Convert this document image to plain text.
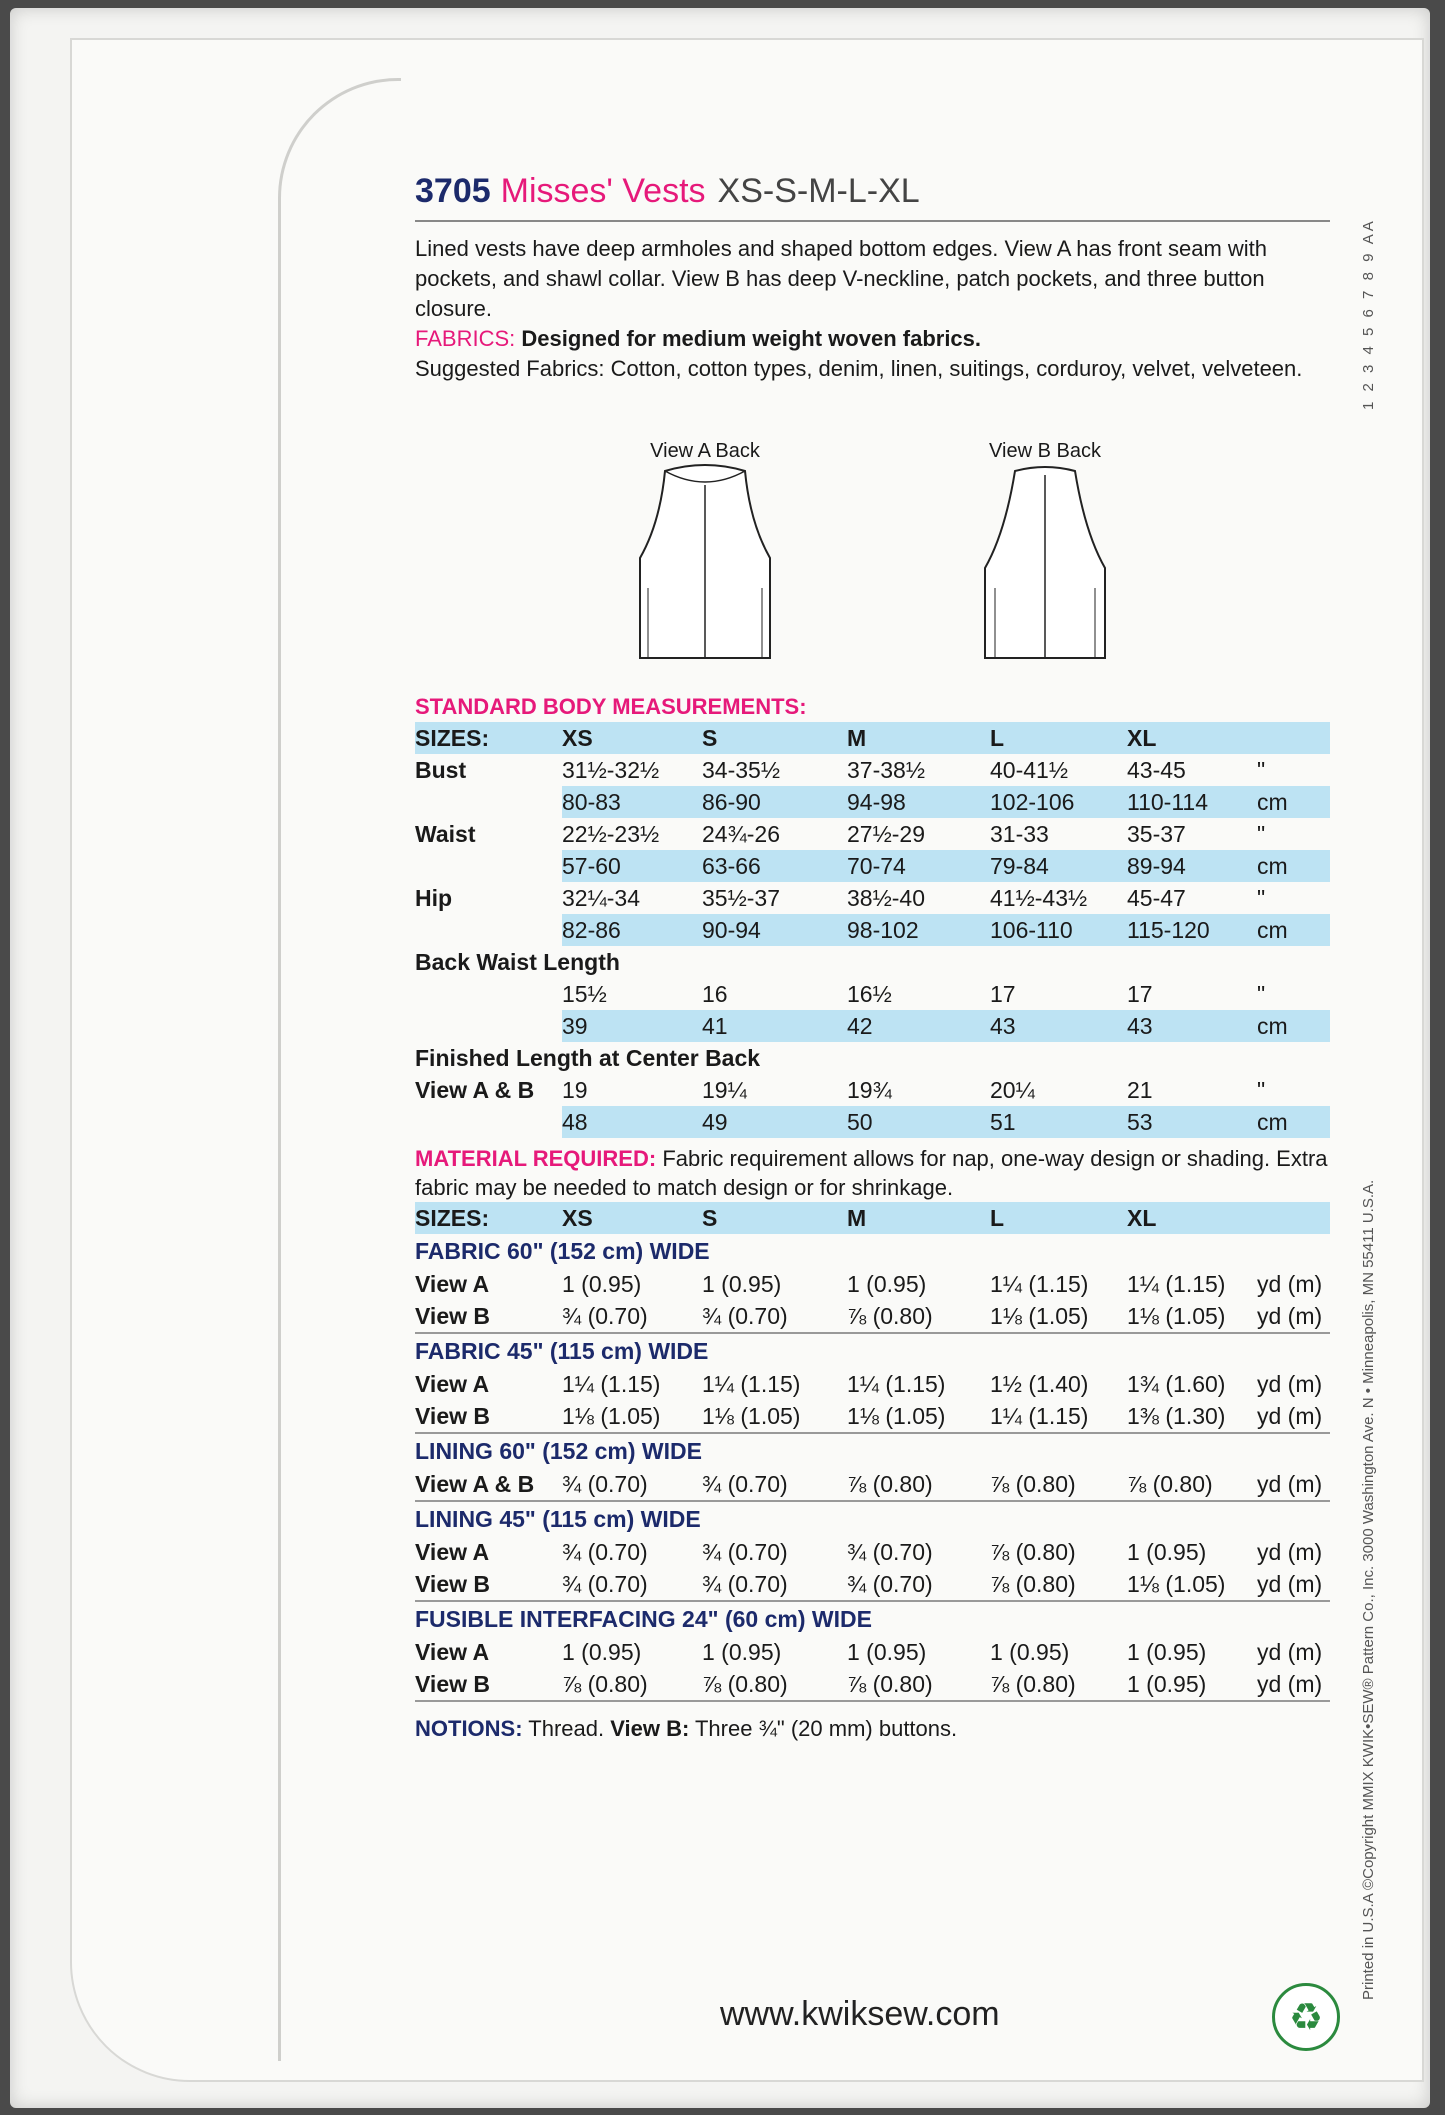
3705 Misses' Vests XS-S-M-L-XL

Lined vests have deep armholes and shaped bottom edges. View A has front seam with pockets, and shawl collar. View B has deep V-neckline, patch pockets, and three button closure.

FABRICS: Designed for medium weight woven fabrics.

Suggested Fabrics: Cotton, cotton types, denim, linen, suitings, corduroy, velvet, velveteen.

View A Back	View B Back
STANDARD BODY MEASUREMENTS:
SIZES:	XS	S	M	L	XL	
Bust	31½-32½	34-35½	37-38½	40-41½	43-45	"
	80-83	86-90	94-98	102-106	110-114	cm
Waist	22½-23½	24¾-26	27½-29	31-33	35-37	"
	57-60	63-66	70-74	79-84	89-94	cm
Hip	32¼-34	35½-37	38½-40	41½-43½	45-47	"
	82-86	90-94	98-102	106-110	115-120	cm
Back Waist Length						
	15½	16	16½	17	17	"
	39	41	42	43	43	cm
Finished Length at Center Back						
View A & B	19	19¼	19¾	20¼	21	"
	48	49	50	51	53	cm

MATERIAL REQUIRED: Fabric requirement allows for nap, one-way design or shading. Extra fabric may be needed to match design or for shrinkage.

SIZES:	XS	S	M	L	XL	
FABRIC 60" (152 cm) WIDE						
View A	1 (0.95)	1 (0.95)	1 (0.95)	1¼ (1.15)	1¼ (1.15)	yd (m)
View B	¾ (0.70)	¾ (0.70)	⅞ (0.80)	1⅛ (1.05)	1⅛ (1.05)	yd (m)
FABRIC 45" (115 cm) WIDE						
View A	1¼ (1.15)	1¼ (1.15)	1¼ (1.15)	1½ (1.40)	1¾ (1.60)	yd (m)
View B	1⅛ (1.05)	1⅛ (1.05)	1⅛ (1.05)	1¼ (1.15)	1⅜ (1.30)	yd (m)
LINING 60" (152 cm) WIDE						
View A & B	¾ (0.70)	¾ (0.70)	⅞ (0.80)	⅞ (0.80)	⅞ (0.80)	yd (m)
LINING 45" (115 cm) WIDE						
View A	¾ (0.70)	¾ (0.70)	¾ (0.70)	⅞ (0.80)	1 (0.95)	yd (m)
View B	¾ (0.70)	¾ (0.70)	¾ (0.70)	⅞ (0.80)	1⅛ (1.05)	yd (m)
FUSIBLE INTERFACING 24" (60 cm) WIDE						
View A	1 (0.95)	1 (0.95)	1 (0.95)	1 (0.95)	1 (0.95)	yd (m)
View B	⅞ (0.80)	⅞ (0.80)	⅞ (0.80)	⅞ (0.80)	1 (0.95)	yd (m)

NOTIONS: Thread. View B: Three ¾" (20 mm) buttons.

1 2 3 4 5 6 7 8 9 AA
Printed in U.S.A ©Copyright MMIX KWIK•SEW® Pattern Co., Inc. 3000 Washington Ave. N • Minneapolis, MN 55411 U.S.A.
www.kwiksew.com	♻
